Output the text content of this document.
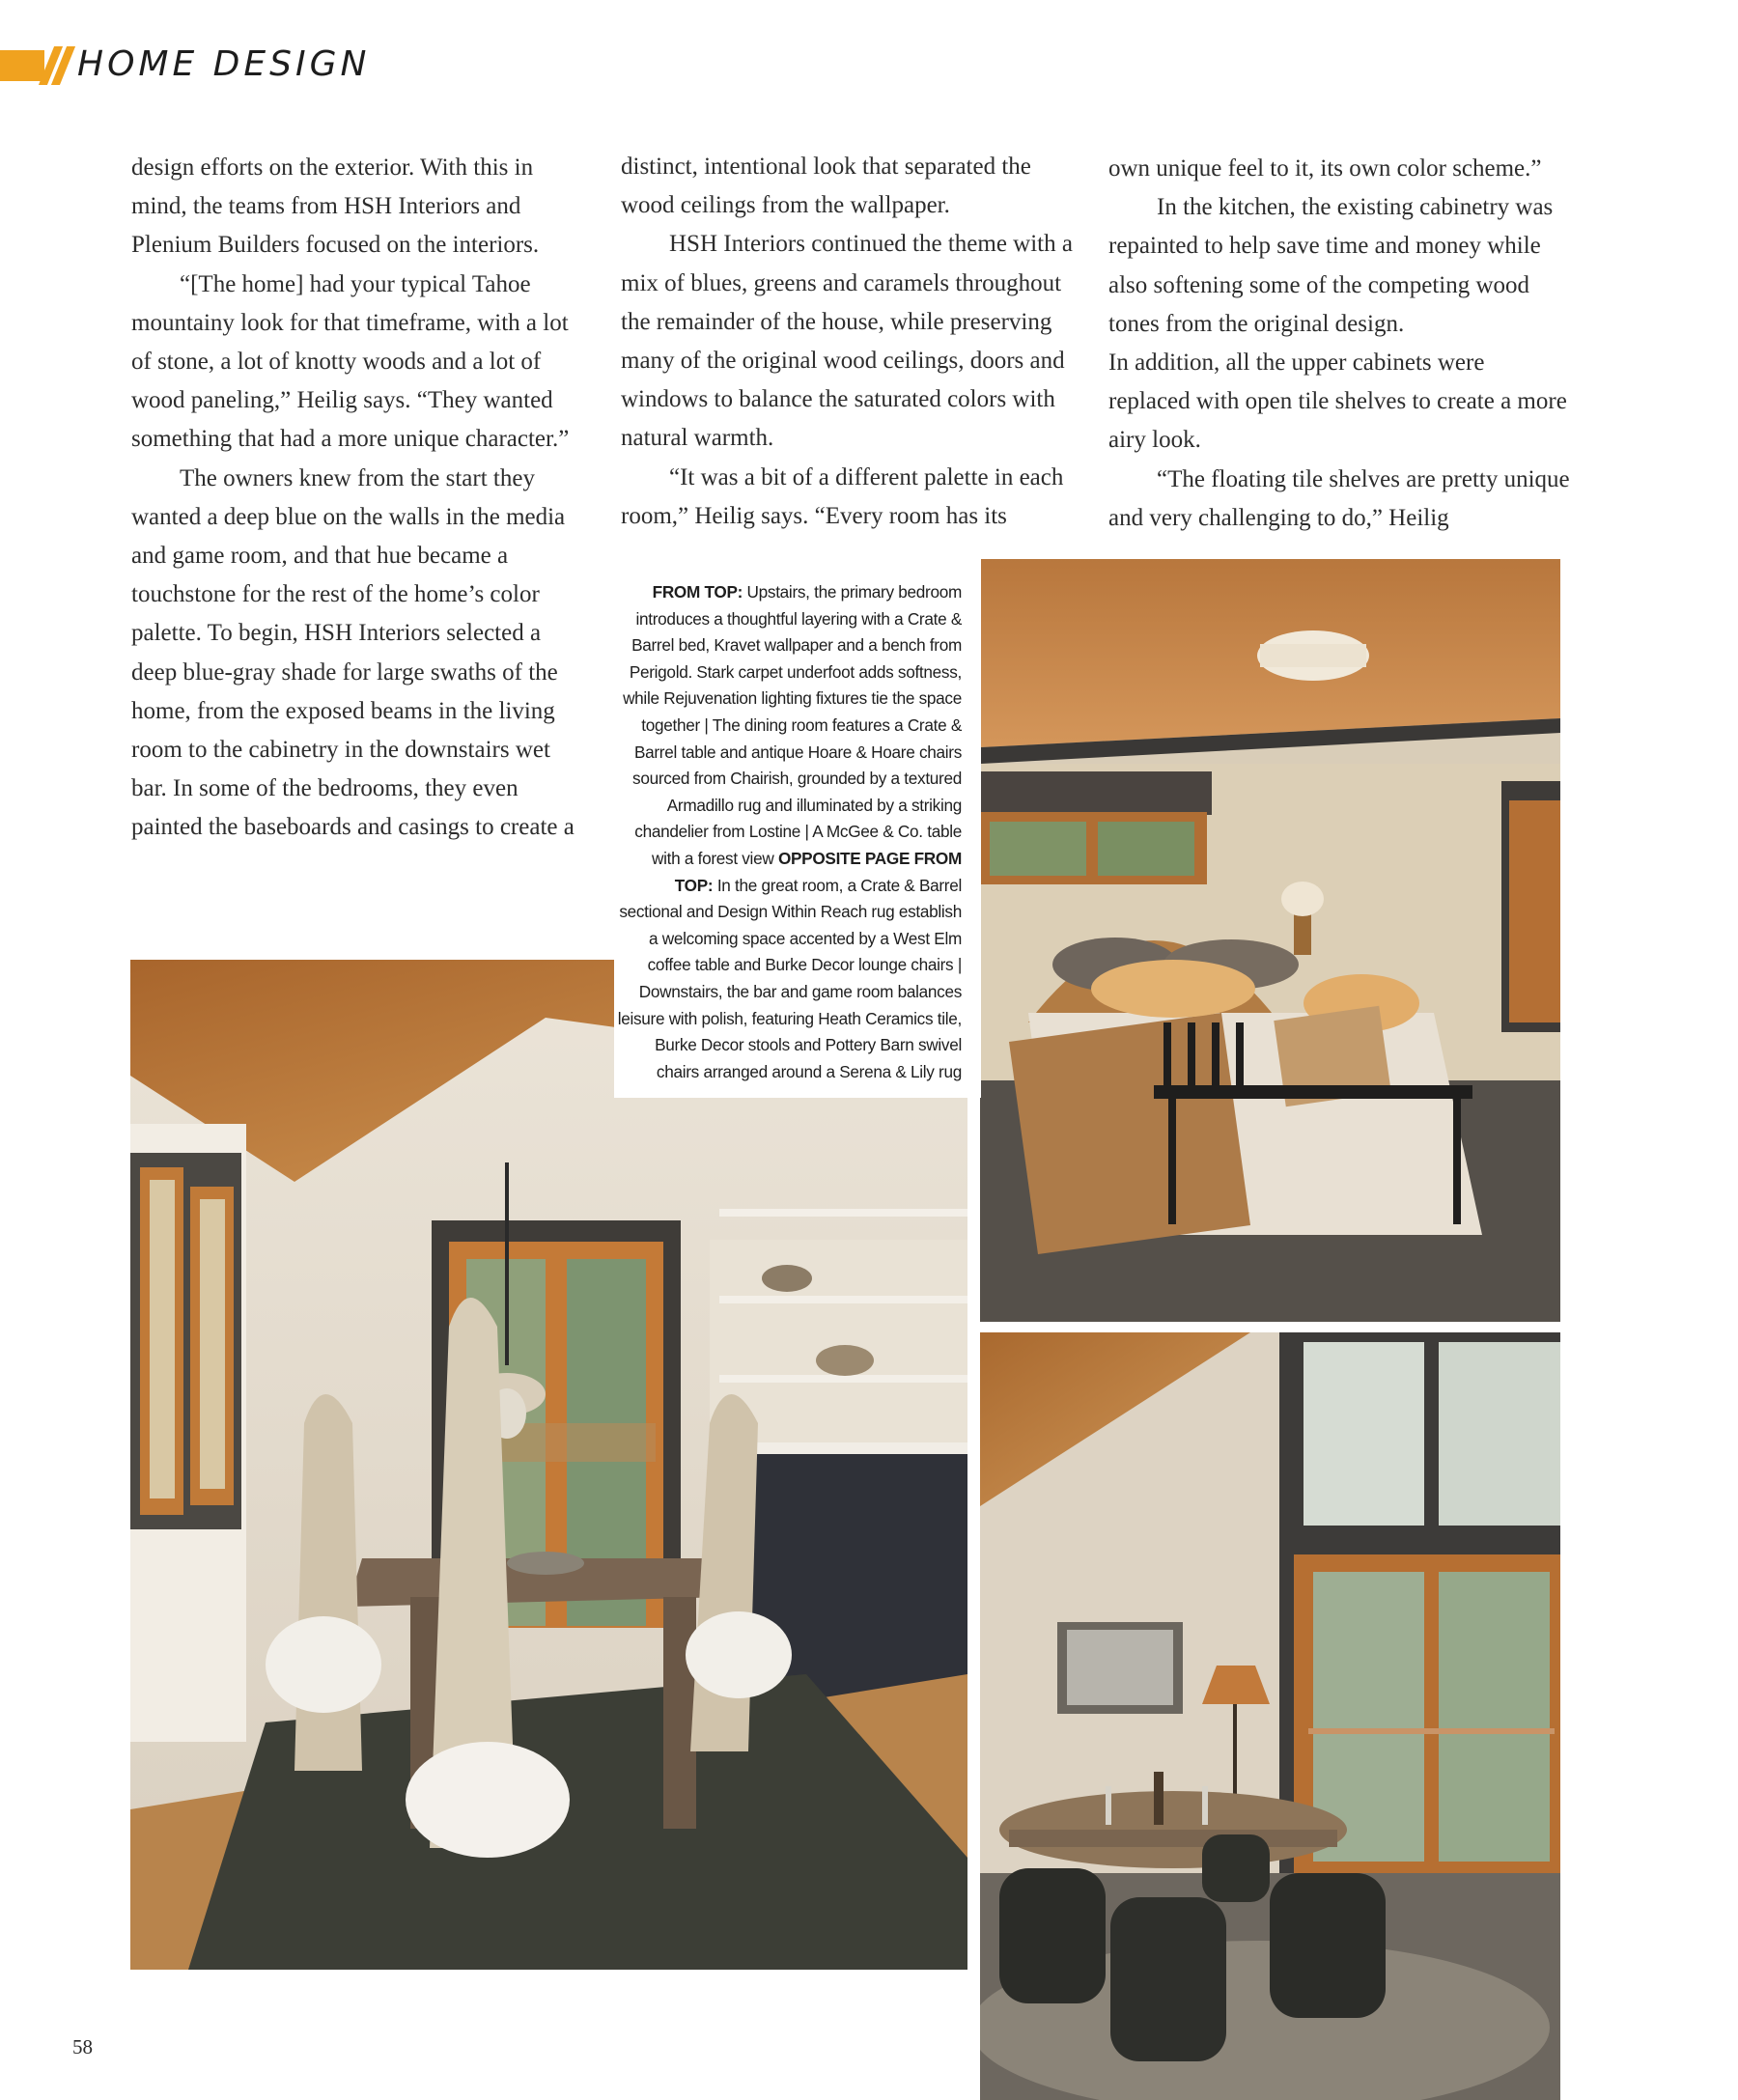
HOME DESIGN

design efforts on the exterior. With this in mind, the teams from HSH Interiors and Plenium Builders focused on the interiors.

“[The home] had your typical Tahoe mountainy look for that timeframe, with a lot of stone, a lot of knotty woods and a lot of wood paneling,” Heilig says. “They wanted something that had a more unique character.”

The owners knew from the start they wanted a deep blue on the walls in the media and game room, and that hue became a touchstone for the rest of the home’s color palette. To begin, HSH Interiors selected a deep blue-gray shade for large swaths of the home, from the exposed beams in the living room to the cabinetry in the downstairs wet bar. In some of the bedrooms, they even painted the baseboards and casings to create a

distinct, intentional look that separated the wood ceilings from the wallpaper.

HSH Interiors continued the theme with a mix of blues, greens and caramels throughout the remainder of the house, while preserving many of the original wood ceilings, doors and windows to balance the saturated colors with natural warmth.

“It was a bit of a different palette in each room,” Heilig says. “Every room has its

own unique feel to it, its own color scheme.”

In the kitchen, the existing cabinetry was repainted to help save time and money while also softening some of the competing wood tones from the original design.

In addition, all the upper cabinets were replaced with open tile shelves to create a more airy look.

“The floating tile shelves are pretty unique and very challenging to do,” Heilig

FROM TOP: Upstairs, the primary bedroom introduces a thoughtful layering with a Crate & Barrel bed, Kravet wallpaper and a bench from Perigold. Stark carpet underfoot adds softness, while Rejuvenation lighting fixtures tie the space together | The dining room features a Crate & Barrel table and antique Hoare & Hoare chairs sourced from Chairish, grounded by a textured Armadillo rug and illuminated by a striking chandelier from Lostine | A McGee & Co. table with a forest view OPPOSITE PAGE FROM TOP: In the great room, a Crate & Barrel sectional and Design Within Reach rug establish a welcoming space accented by a West Elm coffee table and Burke Decor lounge chairs | Downstairs, the bar and game room balances leisure with polish, featuring Heath Ceramics tile, Burke Decor stools and Pottery Barn swivel chairs arranged around a Serena & Lily rug
58
